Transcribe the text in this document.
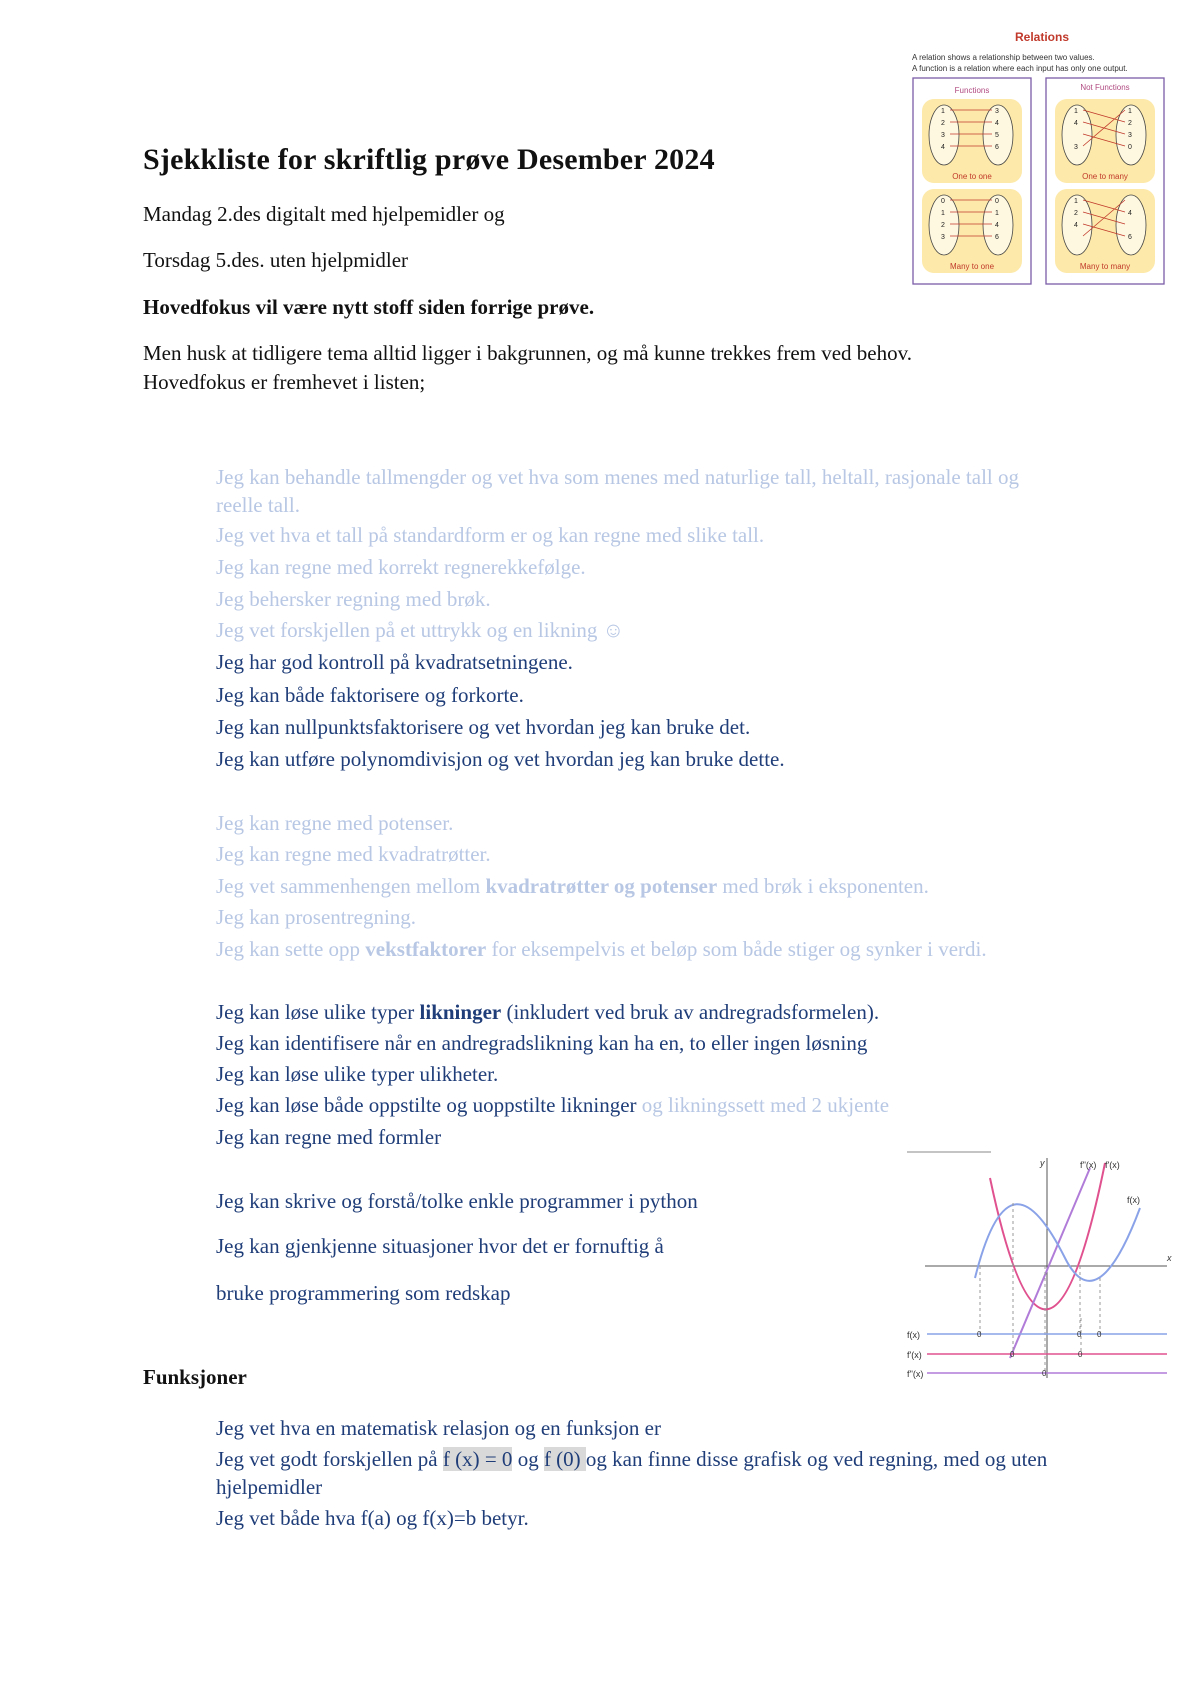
Sjekkliste for skriftlig prøve Desember 2024

Mandag 2.des digitalt med hjelpemidler og

Torsdag 5.des. uten hjelpmidler

Hovedfokus vil være nytt stoff siden forrige prøve.

Men husk at tidligere tema alltid ligger i bakgrunnen, og må kunne trekkes frem ved behov.

Hovedfokus er fremhevet i listen;

Relations
A relation shows a relationship between two values.
A function is a relation where each input has only one output.
Functions	Not Functions
1	3
2	4
3	5
4	6
One to one
1	1
4	2
3
3	0
One to many
0	0
1	1
2	4
3	6
Many to one
1
2	4
4
6
Many to many
Jeg kan behandle tallmengder og vet hva som menes med naturlige tall, heltall, rasjonale tall og reelle tall.
Jeg vet hva et tall på standardform er og kan regne med slike tall.
Jeg kan regne med korrekt regnerekkefølge.
Jeg behersker regning med brøk.
Jeg vet forskjellen på et uttrykk og en likning ☺
Jeg har god kontroll på kvadratsetningene.
Jeg kan både faktorisere og forkorte.
Jeg kan nullpunktsfaktorisere og vet hvordan jeg kan bruke det.
Jeg kan utføre polynomdivisjon og vet hvordan jeg kan bruke dette.
Jeg kan regne med potenser.
Jeg kan regne med kvadratrøtter.
Jeg vet sammenhengen mellom kvadratrøtter og potenser med brøk i eksponenten.
Jeg kan prosentregning.
Jeg kan sette opp vekstfaktorer for eksempelvis et beløp som både stiger og synker i verdi.
Jeg kan løse ulike typer likninger (inkludert ved bruk av andregradsformelen).
Jeg kan identifisere når en andregradslikning kan ha en, to eller ingen løsning
Jeg kan løse ulike typer ulikheter.
Jeg kan løse både oppstilte og uoppstilte likninger og likningssett med 2 ukjente
Jeg kan regne med formler
Jeg kan skrive og forstå/tolke enkle programmer i python
Jeg kan gjenkjenne situasjoner hvor det er fornuftig å
bruke programmering som redskap
x
y	f''(x) f'(x)
f(x)
f(x)
f'(x)
f''(x)
0	0 0
0	0
0

Funksjoner

Jeg vet hva en matematisk relasjon og en funksjon er
Jeg vet godt forskjellen på f (x) = 0 og f (0) og kan finne disse grafisk og ved regning, med og uten hjelpemidler
Jeg vet både hva f(a) og f(x)=b betyr.
